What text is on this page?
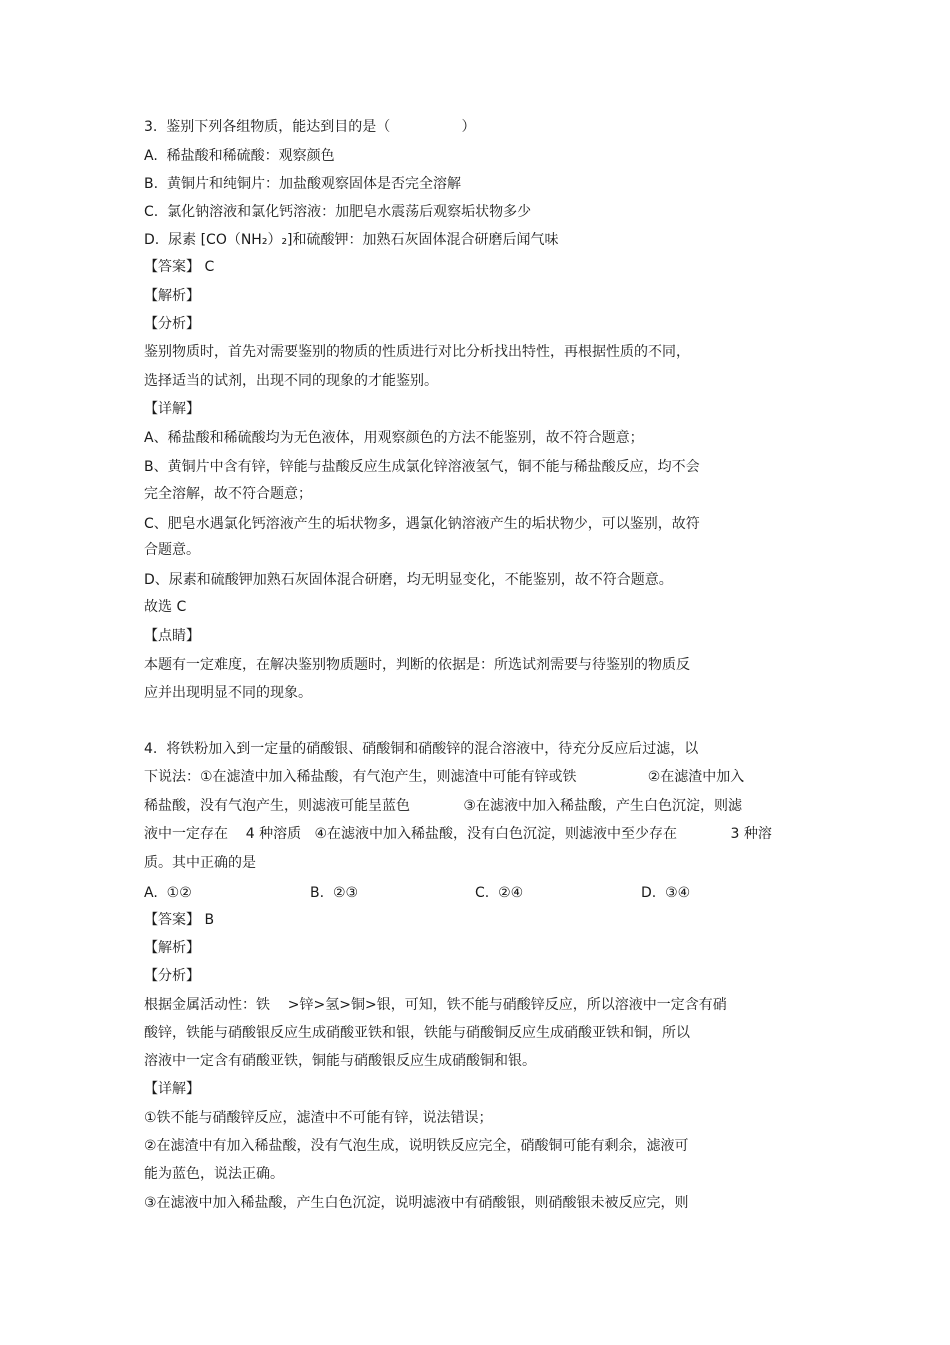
3.  鉴别下列各组物质，能达到目的是（                ）
A.  稀盐酸和稀硫酸：观察颜色
B.  黄铜片和纯铜片：加盐酸观察固体是否完全溶解
C.  氯化钠溶液和氯化钙溶液：加肥皂水震荡后观察垢状物多少
D.  尿素 [CO（NH₂）₂]和硫酸钾：加熟石灰固体混合研磨后闻气味
【答案】 C
【解析】
【分析】
鉴别物质时，首先对需要鉴别的物质的性质进行对比分析找出特性，再根据性质的不同，
选择适当的试剂，出现不同的现象的才能鉴别。
【详解】
A、稀盐酸和稀硫酸均为无色液体，用观察颜色的方法不能鉴别，故不符合题意；
B、黄铜片中含有锌，锌能与盐酸反应生成氯化锌溶液氢气，铜不能与稀盐酸反应，均不会
完全溶解，故不符合题意；
C、肥皂水遇氯化钙溶液产生的垢状物多，遇氯化钠溶液产生的垢状物少，可以鉴别，故符
合题意。
D、尿素和硫酸钾加熟石灰固体混合研磨，均无明显变化，不能鉴别，故不符合题意。
故选 C
【点睛】
本题有一定难度，在解决鉴别物质题时，判断的依据是：所选试剂需要与待鉴别的物质反
应并出现明显不同的现象。
4.  将铁粉加入到一定量的硝酸银、硝酸铜和硝酸锌的混合溶液中，待充分反应后过滤，以
下说法：①在滤渣中加入稀盐酸，有气泡产生，则滤渣中可能有锌或铁                ②在滤渣中加入
稀盐酸，没有气泡产生，则滤液可能呈蓝色            ③在滤液中加入稀盐酸，产生白色沉淀，则滤
液中一定存在    4 种溶质   ④在滤液中加入稀盐酸，没有白色沉淀，则滤液中至少存在            3 种溶
质。其中正确的是
A.  ①②	B.  ②③	C.  ②④	D.  ③④
【答案】 B
【解析】
【分析】
根据金属活动性：铁    >锌>氢>铜>银，可知，铁不能与硝酸锌反应，所以溶液中一定含有硝
酸锌，铁能与硝酸银反应生成硝酸亚铁和银，铁能与硝酸铜反应生成硝酸亚铁和铜，所以
溶液中一定含有硝酸亚铁，铜能与硝酸银反应生成硝酸铜和银。
【详解】
①铁不能与硝酸锌反应，滤渣中不可能有锌，说法错误；
②在滤渣中有加入稀盐酸，没有气泡生成，说明铁反应完全，硝酸铜可能有剩余，滤液可
能为蓝色，说法正确。
③在滤液中加入稀盐酸，产生白色沉淀，说明滤液中有硝酸银，则硝酸银未被反应完，则
